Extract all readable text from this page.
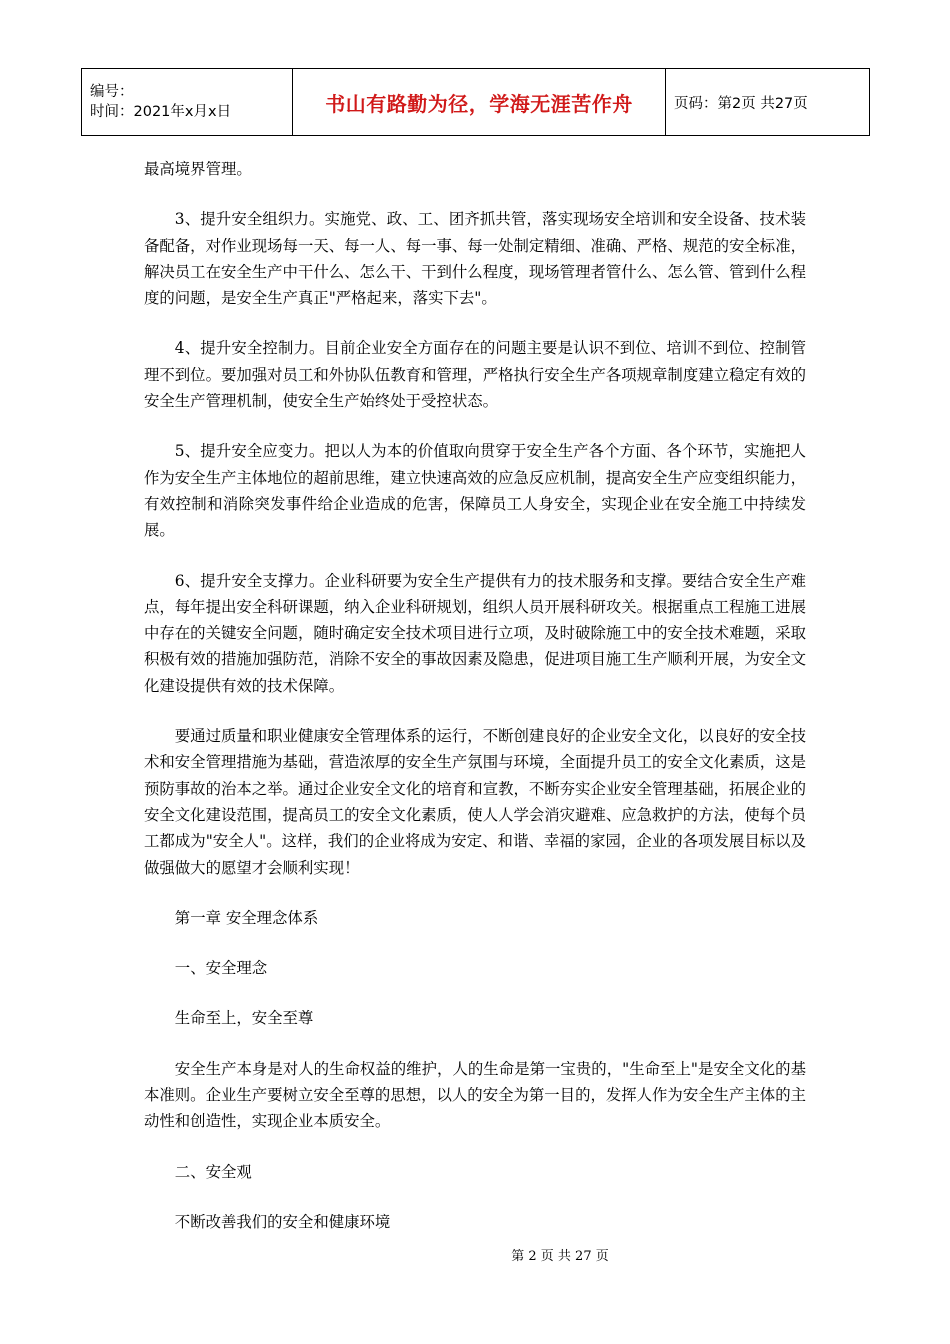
编号：
时间：2021年x月x日	书山有路勤为径，学海无涯苦作舟	页码：第2页 共27页

最高境界管理。

3、提升安全组织力。实施党、政、工、团齐抓共管，落实现场安全培训和安全设备、技术装备配备，对作业现场每一天、每一人、每一事、每一处制定精细、准确、严格、规范的安全标准，解决员工在安全生产中干什么、怎么干、干到什么程度，现场管理者管什么、怎么管、管到什么程度的问题，是安全生产真正"严格起来，落实下去"。

4、提升安全控制力。目前企业安全方面存在的问题主要是认识不到位、培训不到位、控制管理不到位。要加强对员工和外协队伍教育和管理，严格执行安全生产各项规章制度建立稳定有效的安全生产管理机制，使安全生产始终处于受控状态。

5、提升安全应变力。把以人为本的价值取向贯穿于安全生产各个方面、各个环节，实施把人作为安全生产主体地位的超前思维，建立快速高效的应急反应机制，提高安全生产应变组织能力，有效控制和消除突发事件给企业造成的危害，保障员工人身安全，实现企业在安全施工中持续发展。

6、提升安全支撑力。企业科研要为安全生产提供有力的技术服务和支撑。要结合安全生产难点，每年提出安全科研课题，纳入企业科研规划，组织人员开展科研攻关。根据重点工程施工进展中存在的关键安全问题，随时确定安全技术项目进行立项，及时破除施工中的安全技术难题，采取积极有效的措施加强防范，消除不安全的事故因素及隐患，促进项目施工生产顺利开展，为安全文化建设提供有效的技术保障。

要通过质量和职业健康安全管理体系的运行，不断创建良好的企业安全文化，以良好的安全技术和安全管理措施为基础，营造浓厚的安全生产氛围与环境，全面提升员工的安全文化素质，这是预防事故的治本之举。通过企业安全文化的培育和宣教，不断夯实企业安全管理基础，拓展企业的安全文化建设范围，提高员工的安全文化素质，使人人学会消灾避难、应急救护的方法，使每个员工都成为"安全人"。这样，我们的企业将成为安定、和谐、幸福的家园，企业的各项发展目标以及做强做大的愿望才会顺利实现！

第一章 安全理念体系

一、安全理念

生命至上，安全至尊

安全生产本身是对人的生命权益的维护，人的生命是第一宝贵的，"生命至上"是安全文化的基本准则。企业生产要树立安全至尊的思想，以人的安全为第一目的，发挥人作为安全生产主体的主动性和创造性，实现企业本质安全。

二、安全观

不断改善我们的安全和健康环境

第 2 页 共 27 页
